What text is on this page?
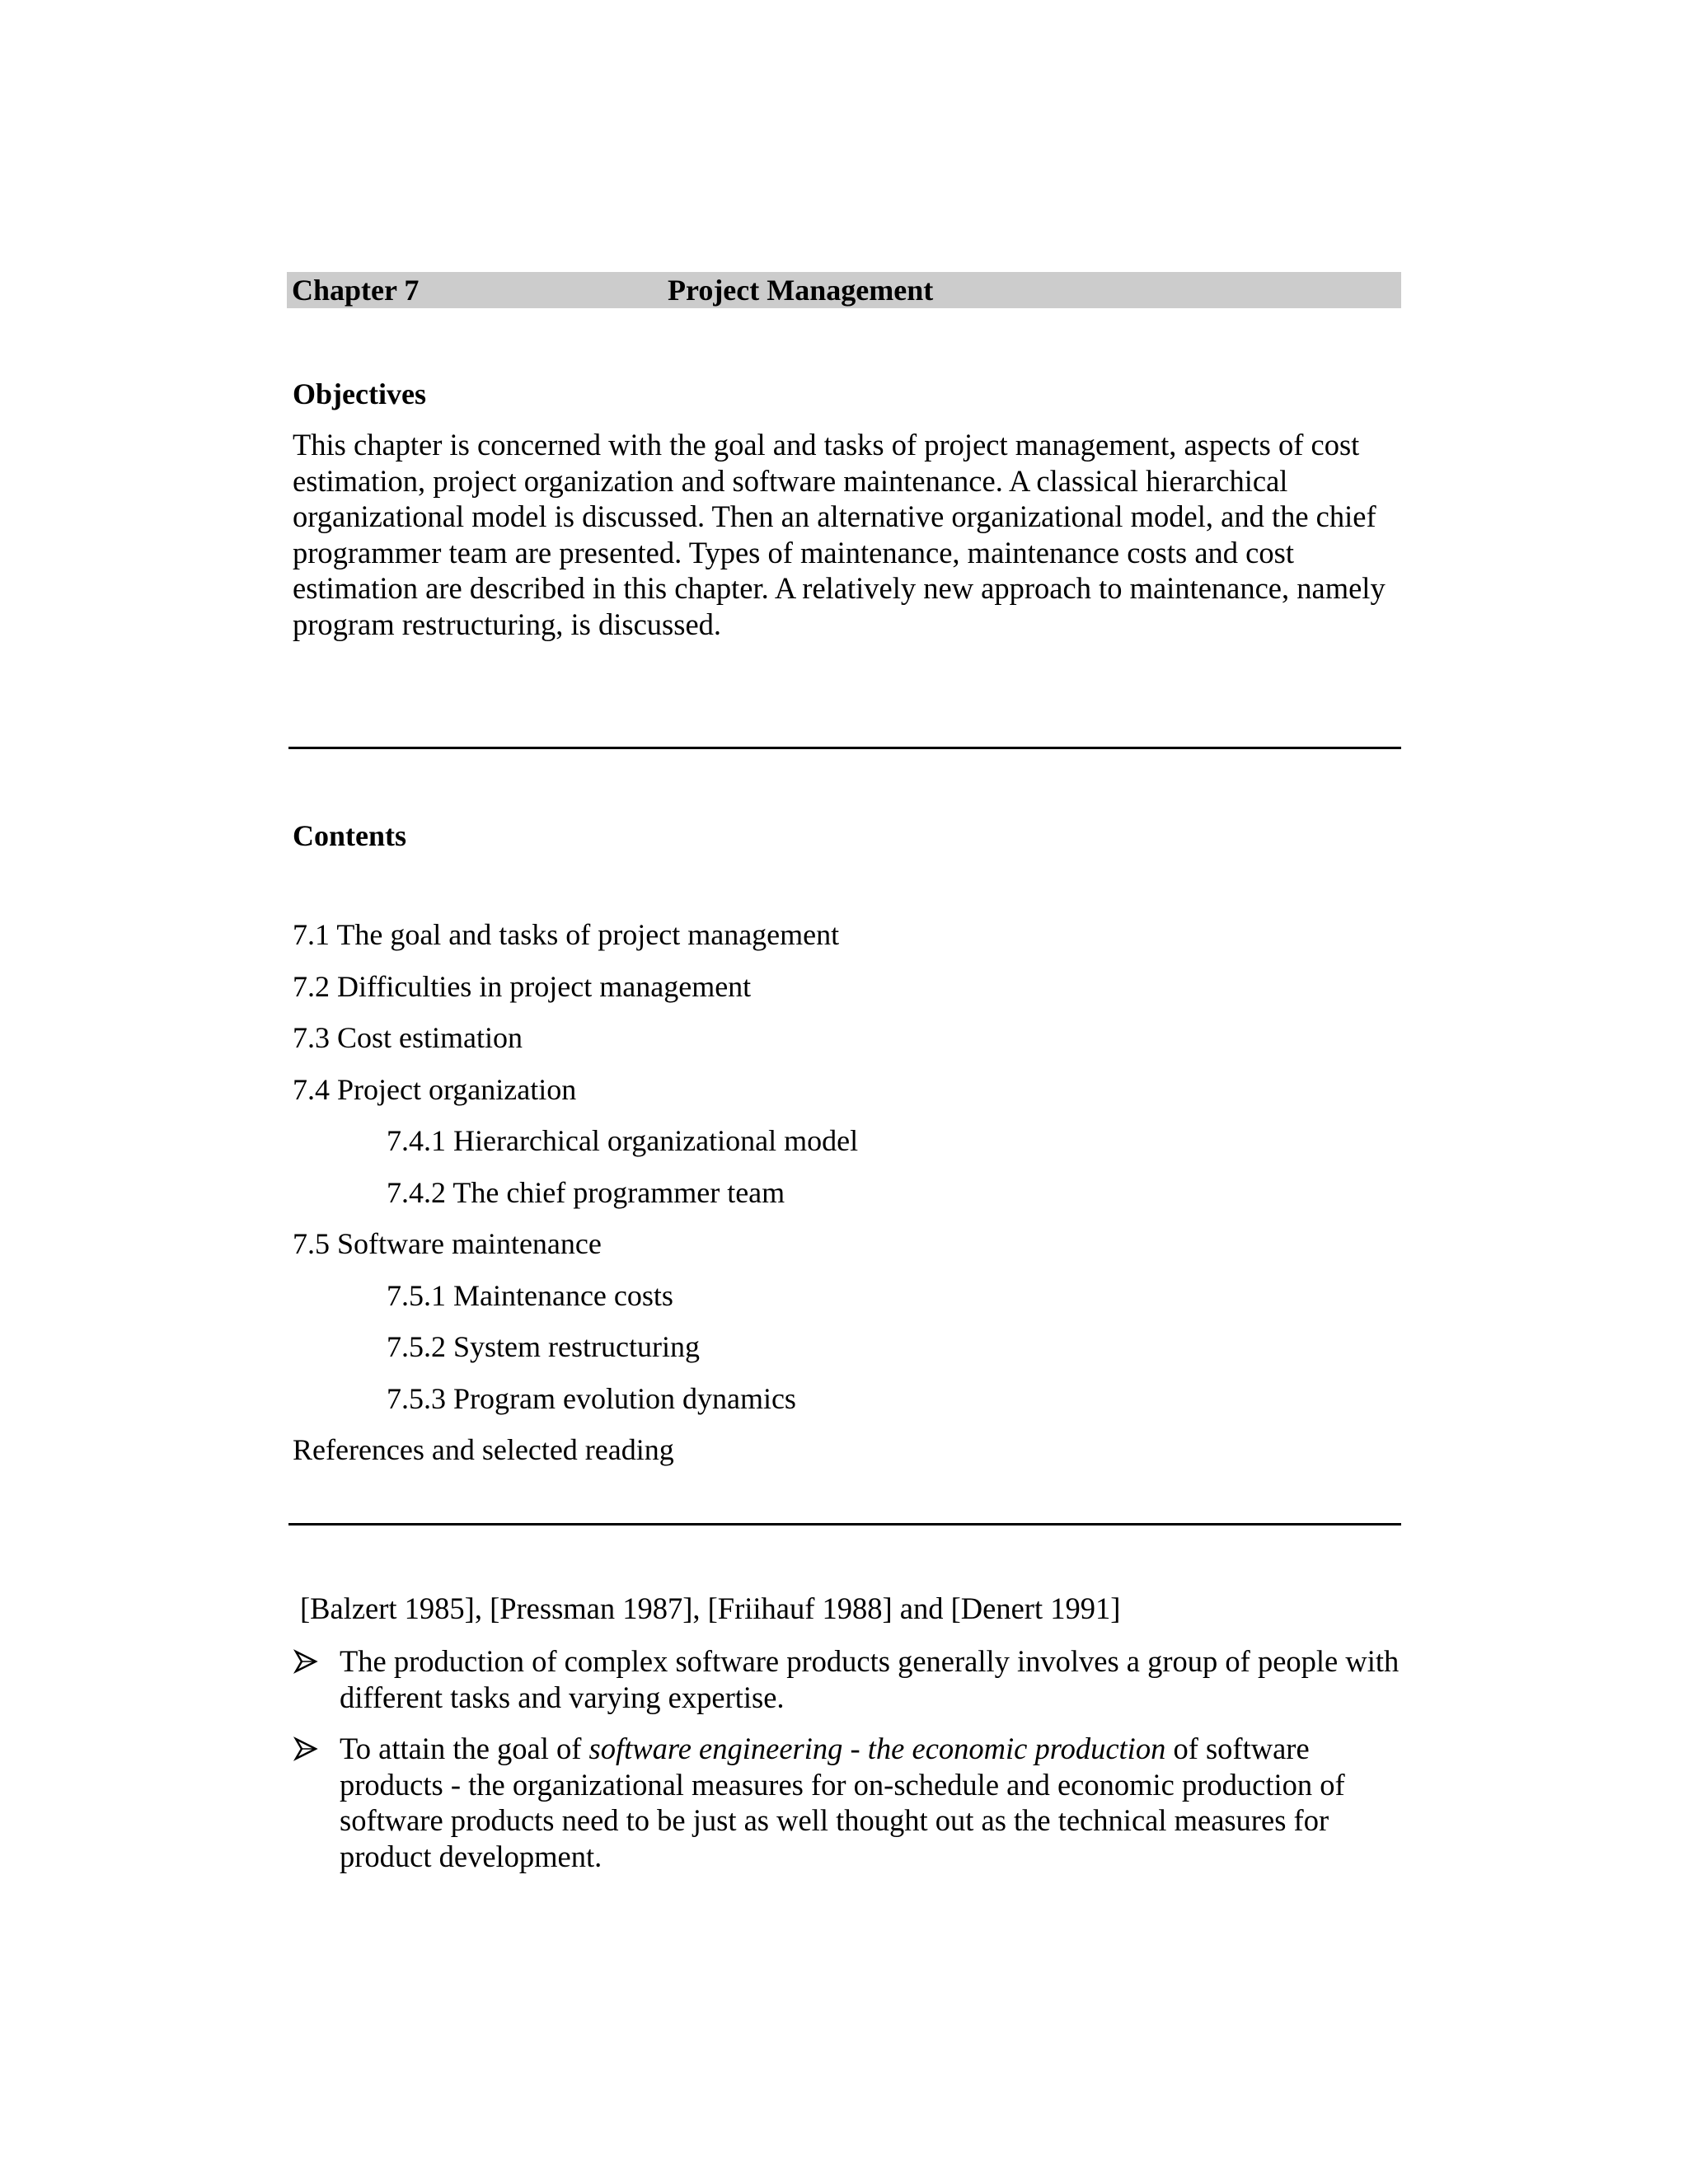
Chapter 7	Project Management
Objectives
This chapter is concerned with the goal and tasks of project management, aspects of cost estimation, project organization and software maintenance. A classical hierarchical organizational model is discussed. Then an alternative organizational model, and the chief programmer team are presented. Types of maintenance, maintenance costs and cost estimation are described in this chapter. A relatively new approach to maintenance, namely program restructuring, is discussed.
Contents
7.1 The goal and tasks of project management
7.2 Difficulties in project management
7.3 Cost estimation
7.4 Project organization
7.4.1 Hierarchical organizational model
7.4.2 The chief programmer team
7.5 Software maintenance
7.5.1 Maintenance costs
7.5.2 System restructuring
7.5.3 Program evolution dynamics
References and selected reading
[Balzert 1985], [Pressman 1987], [Friihauf 1988] and [Denert 1991]
The production of complex software products generally involves a group of people with different tasks and varying expertise.
To attain the goal of software engineering - the economic production of software products - the organizational measures for on-schedule and economic production of software products need to be just as well thought out as the technical measures for product development.
